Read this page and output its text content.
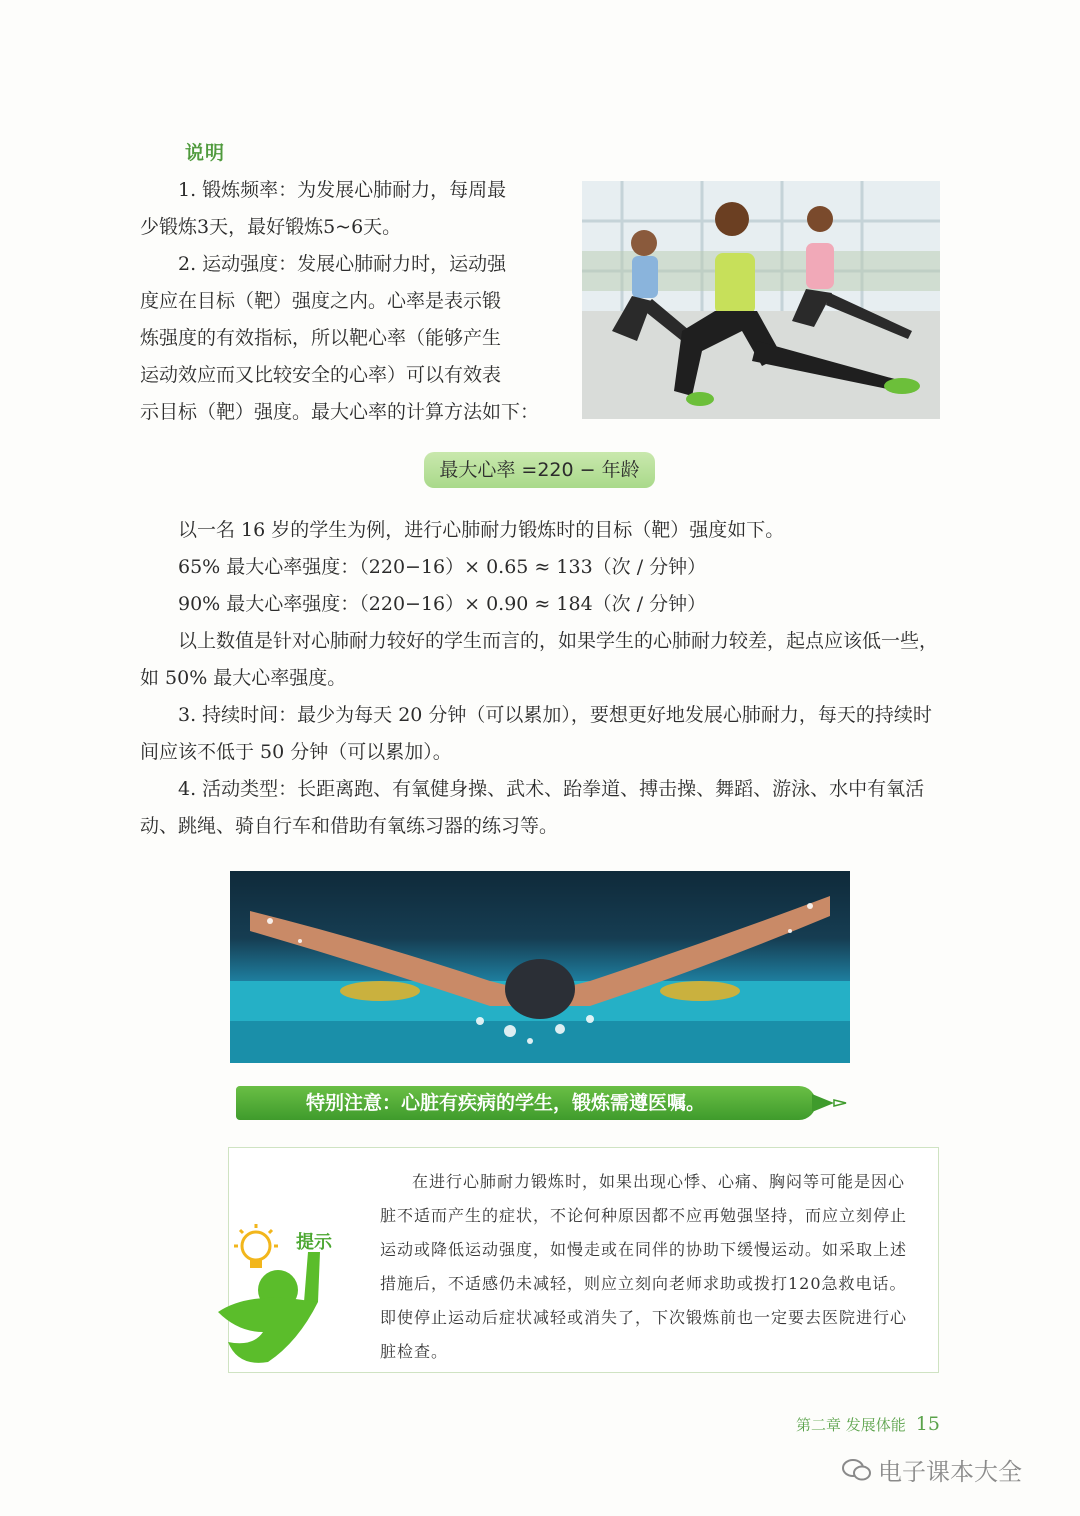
说明

1. 锻炼频率：为发展心肺耐力，每周最

少锻炼3天，最好锻炼5~6天。

2. 运动强度：发展心肺耐力时，运动强

度应在目标（靶）强度之内。心率是表示锻

炼强度的有效指标，所以靶心率（能够产生

运动效应而又比较安全的心率）可以有效表

示目标（靶）强度。最大心率的计算方法如下：

最大心率 =220 − 年龄

以一名 16 岁的学生为例，进行心肺耐力锻炼时的目标（靶）强度如下。

65% 最大心率强度：（220−16）× 0.65 ≈ 133（次 / 分钟）

90% 最大心率强度：（220−16）× 0.90 ≈ 184（次 / 分钟）

以上数值是针对心肺耐力较好的学生而言的，如果学生的心肺耐力较差，起点应该低一些，如 50% 最大心率强度。

3. 持续时间：最少为每天 20 分钟（可以累加），要想更好地发展心肺耐力，每天的持续时间应该不低于 50 分钟（可以累加）。

4. 活动类型：长距离跑、有氧健身操、武术、跆拳道、搏击操、舞蹈、游泳、水中有氧活动、跳绳、骑自行车和借助有氧练习器的练习等。

特别注意：心脏有疾病的学生，锻炼需遵医嘱。
提示

在进行心肺耐力锻炼时，如果出现心悸、心痛、胸闷等可能是因心脏不适而产生的症状，不论何种原因都不应再勉强坚持，而应立刻停止运动或降低运动强度，如慢走或在同伴的协助下缓慢运动。如采取上述措施后，不适感仍未减轻，则应立刻向老师求助或拨打120急救电话。即使停止运动后症状减轻或消失了，下次锻炼前也一定要去医院进行心脏检查。

第二章 发展体能 15
电子课本大全
